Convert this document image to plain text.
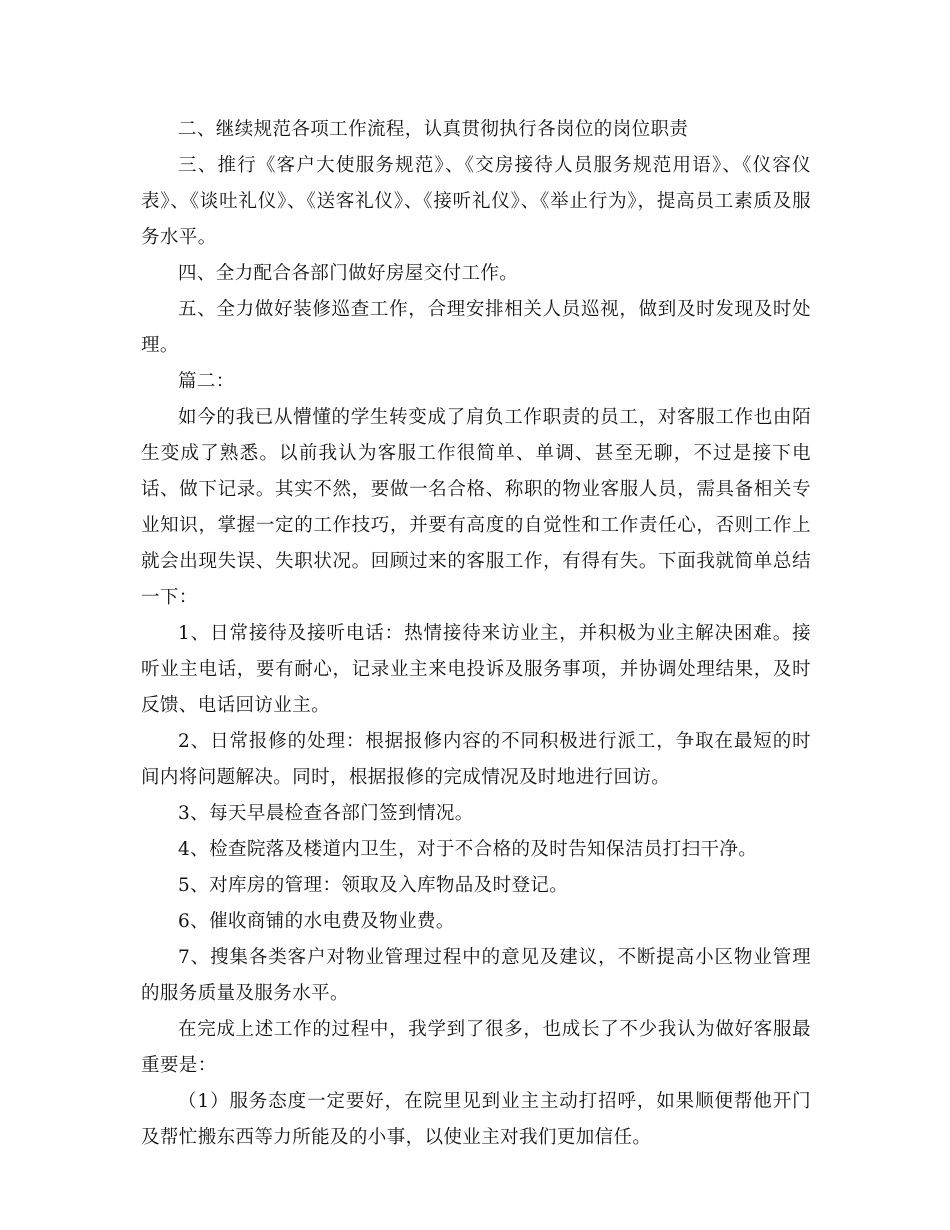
二、继续规范各项工作流程，认真贯彻执行各岗位的岗位职责

三、推行《客户大使服务规范》、《交房接待人员服务规范用语》、《仪容仪表》、《谈吐礼仪》、《送客礼仪》、《接听礼仪》、《举止行为》，提高员工素质及服务水平。

四、全力配合各部门做好房屋交付工作。

五、全力做好装修巡查工作，合理安排相关人员巡视，做到及时发现及时处理。

篇二：

如今的我已从懵懂的学生转变成了肩负工作职责的员工，对客服工作也由陌生变成了熟悉。以前我认为客服工作很简单、单调、甚至无聊，不过是接下电话、做下记录。其实不然，要做一名合格、称职的物业客服人员，需具备相关专业知识，掌握一定的工作技巧，并要有高度的自觉性和工作责任心，否则工作上就会出现失误、失职状况。回顾过来的客服工作，有得有失。下面我就简单总结一下：

1、日常接待及接听电话：热情接待来访业主，并积极为业主解决困难。接听业主电话，要有耐心，记录业主来电投诉及服务事项，并协调处理结果，及时反馈、电话回访业主。

2、日常报修的处理：根据报修内容的不同积极进行派工，争取在最短的时间内将问题解决。同时，根据报修的完成情况及时地进行回访。

3、每天早晨检查各部门签到情况。

4、检查院落及楼道内卫生，对于不合格的及时告知保洁员打扫干净。

5、对库房的管理：领取及入库物品及时登记。

6、催收商铺的水电费及物业费。

7、搜集各类客户对物业管理过程中的意见及建议，不断提高小区物业管理的服务质量及服务水平。

在完成上述工作的过程中，我学到了很多，也成长了不少我认为做好客服最重要是：

（1）服务态度一定要好，在院里见到业主主动打招呼，如果顺便帮他开门及帮忙搬东西等力所能及的小事，以使业主对我们更加信任。
